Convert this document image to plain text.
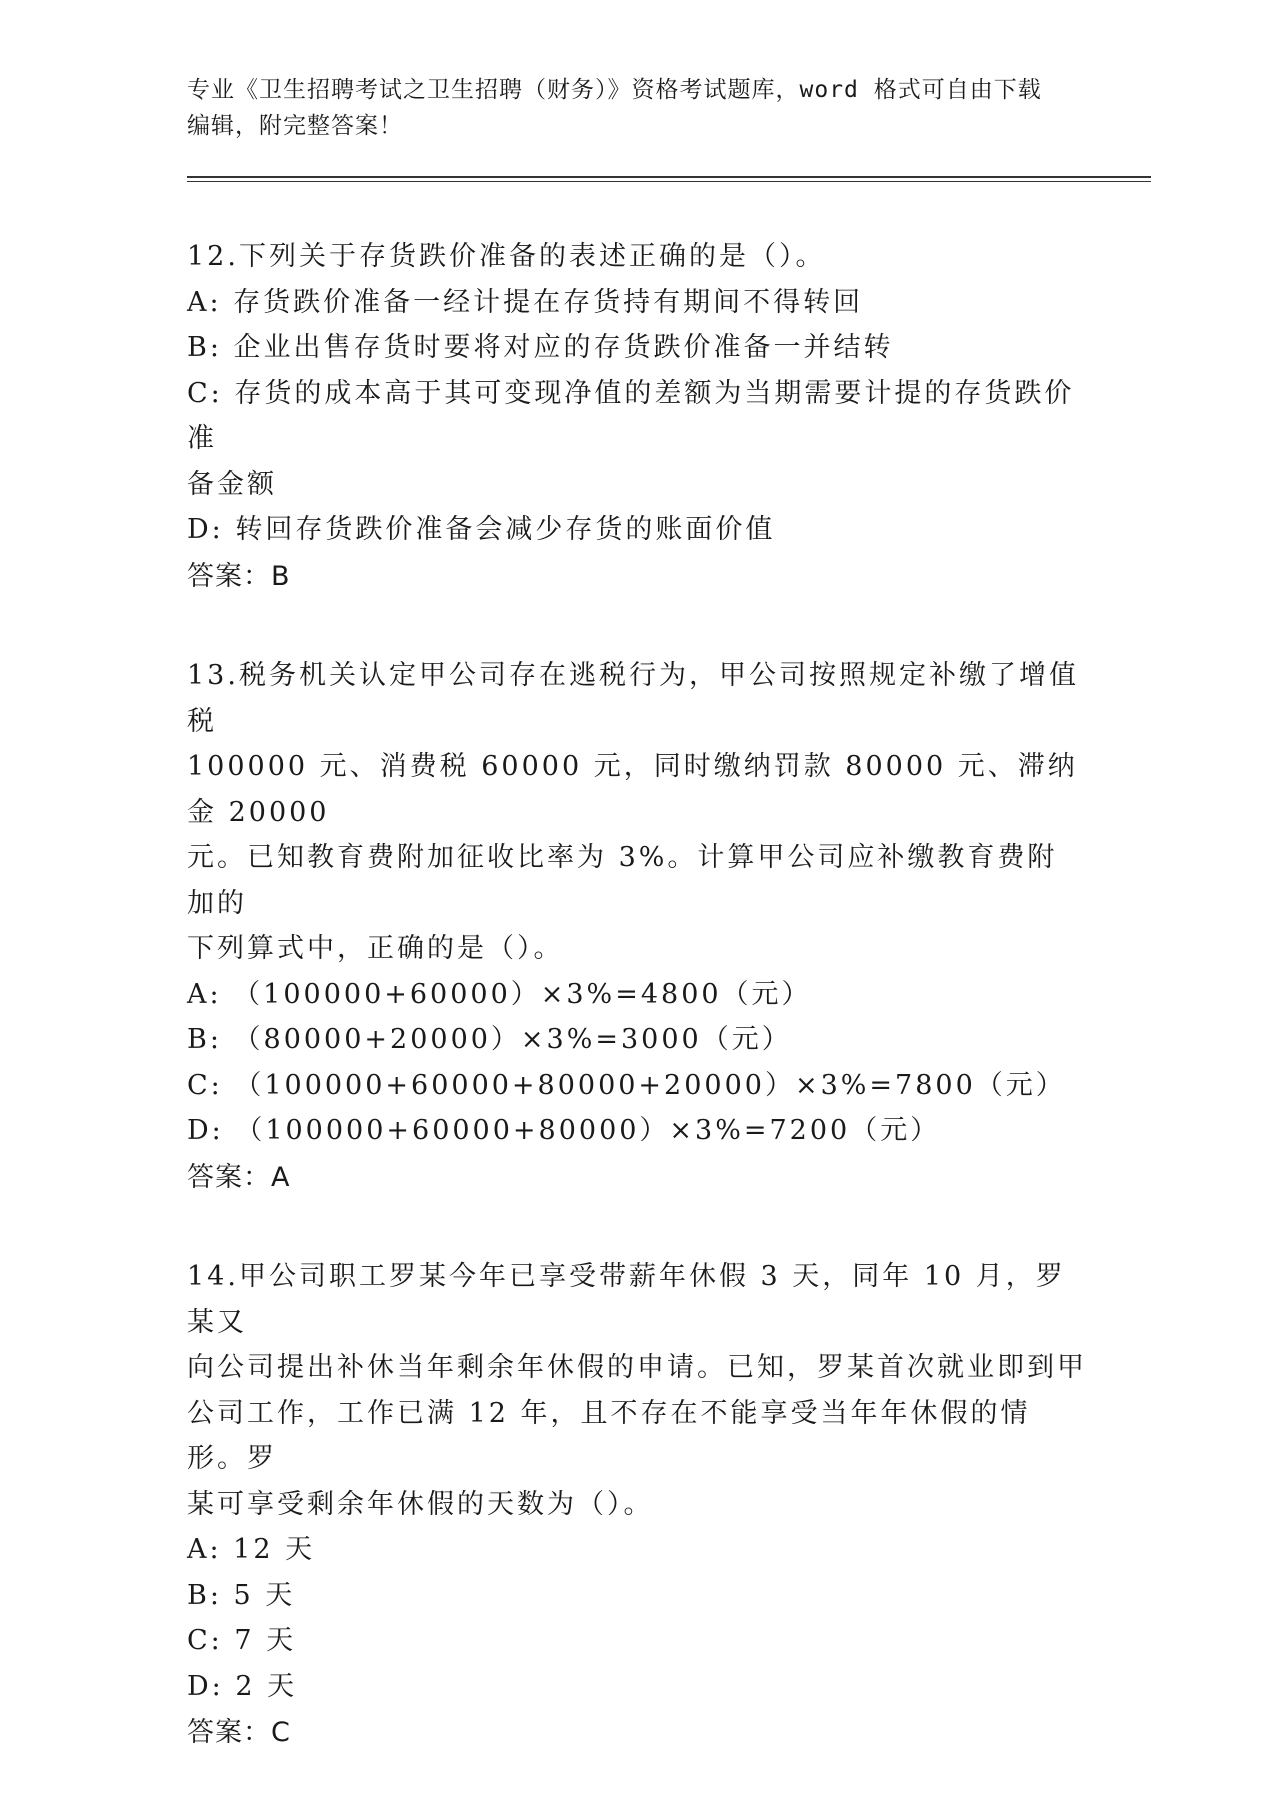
专业《卫生招聘考试之卫生招聘（财务）》资格考试题库，word 格式可自由下载
编辑，附完整答案！
12.下列关于存货跌价准备的表述正确的是（）。
A: 存货跌价准备一经计提在存货持有期间不得转回
B: 企业出售存货时要将对应的存货跌价准备一并结转
C: 存货的成本高于其可变现净值的差额为当期需要计提的存货跌价准
备金额
D: 转回存货跌价准备会减少存货的账面价值
答案：B
13.税务机关认定甲公司存在逃税行为，甲公司按照规定补缴了增值税
100000 元、消费税 60000 元，同时缴纳罚款 80000 元、滞纳金 20000
元。已知教育费附加征收比率为 3%。计算甲公司应补缴教育费附加的
下列算式中，正确的是（）。
A: （100000+60000）×3%=4800（元）
B: （80000+20000）×3%=3000（元）
C: （100000+60000+80000+20000）×3%=7800（元）
D: （100000+60000+80000）×3%=7200（元）
答案：A
14.甲公司职工罗某今年已享受带薪年休假 3 天，同年 10 月，罗某又
向公司提出补休当年剩余年休假的申请。已知，罗某首次就业即到甲
公司工作，工作已满 12 年，且不存在不能享受当年年休假的情形。罗
某可享受剩余年休假的天数为（）。
A: 12 天
B: 5 天
C: 7 天
D: 2 天
答案：C
